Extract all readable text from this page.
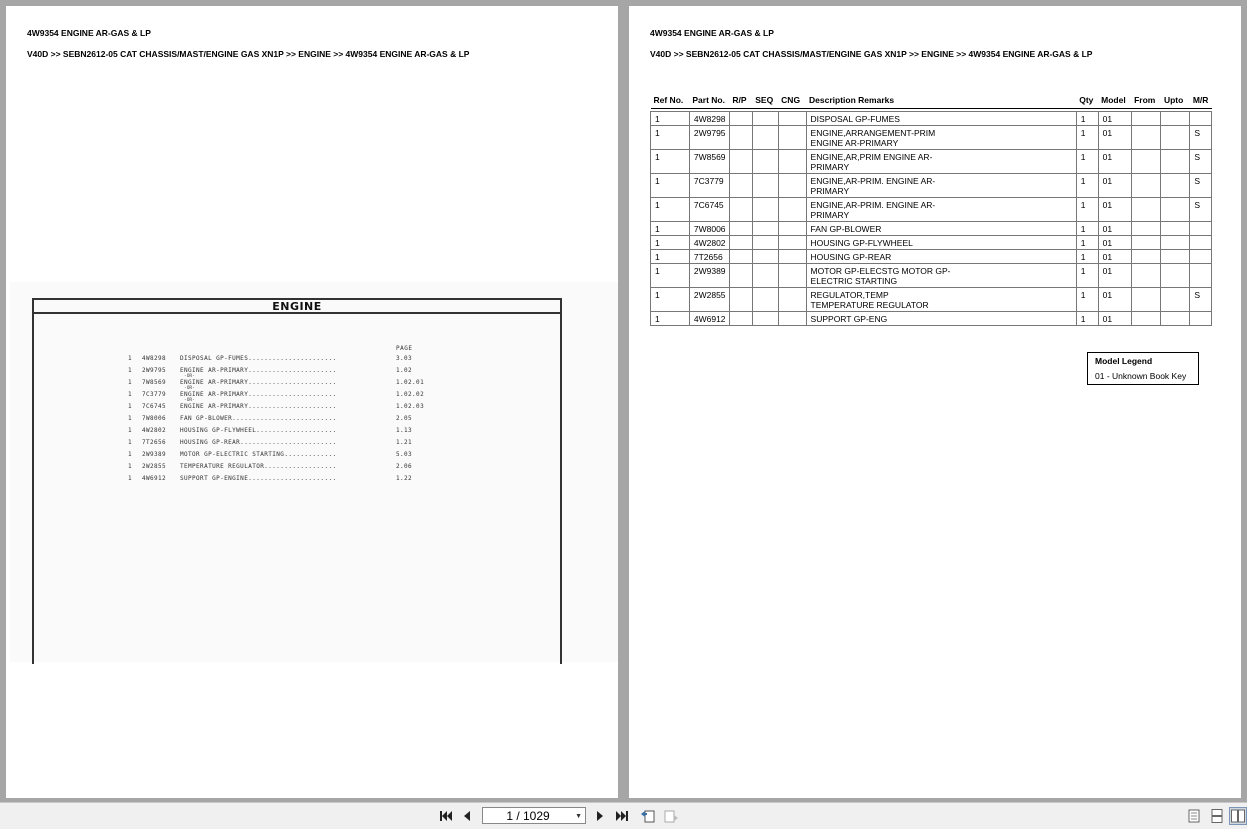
4W9354 ENGINE AR-GAS & LP
V40D >> SEBN2612-05 CAT CHASSIS/MAST/ENGINE GAS XN1P >> ENGINE >> 4W9354 ENGINE AR-GAS & LP
ENGINE
PAGE
1 4W8298 DISPOSAL GP-FUMES......................	3.03
1 2W9795 ENGINE AR-PRIMARY......................	1.02
1 7W8569 ENGINE AR-PRIMARY......................	1.02.01
1 7C3779 ENGINE AR-PRIMARY......................	1.02.02
1 7C6745 ENGINE AR-PRIMARY......................	1.02.03
1 7W8006 FAN GP-BLOWER..........................	2.05
1 4W2802 HOUSING GP-FLYWHEEL....................	1.13
1 7T2656 HOUSING GP-REAR........................	1.21
1 2W9389 MOTOR GP-ELECTRIC STARTING.............	5.03
1 2W2855 TEMPERATURE REGULATOR..................	2.06
1 4W6912 SUPPORT GP-ENGINE......................	1.22
-OR-
-OR-
-OR-
4W9354 ENGINE AR-GAS & LP
V40D >> SEBN2612-05 CAT CHASSIS/MAST/ENGINE GAS XN1P >> ENGINE >> 4W9354 ENGINE AR-GAS & LP
Ref No.	Part No.	R/P	SEQ	CNG	Description Remarks	Qty	Model	From	Upto	M/R

1	4W8298				DISPOSAL GP-FUMES	1	01			
1	2W9795				ENGINE,ARRANGEMENT-PRIM
ENGINE AR-PRIMARY	1	01			S
1	7W8569				ENGINE,AR,PRIM ENGINE AR-
PRIMARY	1	01			S
1	7C3779				ENGINE,AR-PRIM. ENGINE AR-
PRIMARY	1	01			S
1	7C6745				ENGINE,AR-PRIM. ENGINE AR-
PRIMARY	1	01			S
1	7W8006				FAN GP-BLOWER	1	01			
1	4W2802				HOUSING GP-FLYWHEEL	1	01			
1	7T2656				HOUSING GP-REAR	1	01			
1	2W9389				MOTOR GP-ELECSTG MOTOR GP-
ELECTRIC STARTING	1	01			
1	2W2855				REGULATOR,TEMP
TEMPERATURE REGULATOR	1	01			S
1	4W6912				SUPPORT GP-ENG	1	01			
Model Legend
01 - Unknown Book Key
1 / 1029	▼
